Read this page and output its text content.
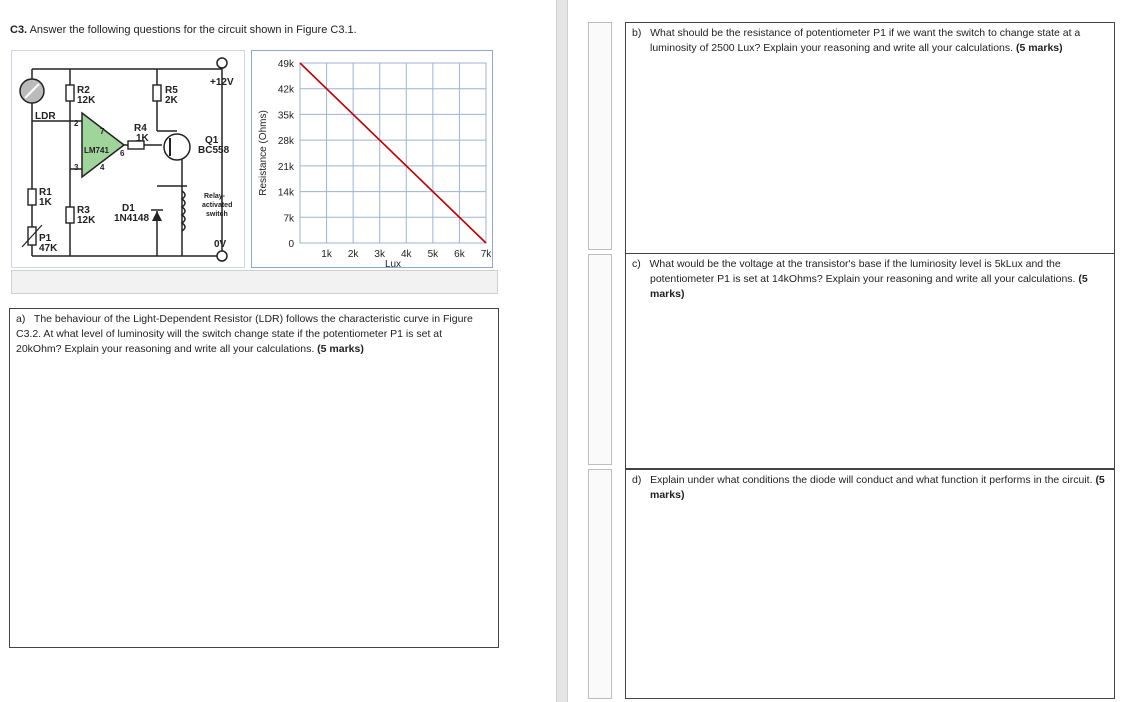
C3. Answer the following questions for the circuit shown in Figure C3.1.
+12V
R2
12K
R5
2K
LDR
R4
1K	Q1
BC558
LM741
2
7
6
3	4
R1
1K
R3
12K
D1
1N4148
Relay-
activated
switch
P1
47K	0V	0
7k
14k
21k
28k
35k
42k
49k
1k 2k 3k 4k 5k 6k 7k
Lux
Resistance (Ohms)
a) The behaviour of the Light-Dependent Resistor (LDR) follows the characteristic curve in Figure C3.2. At what level of luminosity will the switch change state if the potentiometer P1 is set at 20kOhm? Explain your reasoning and write all your calculations. (5 marks)
b) What should be the resistance of potentiometer P1 if we want the switch to change state at a luminosity of 2500 Lux? Explain your reasoning and write all your calculations. (5 marks)
c) What would be the voltage at the transistor's base if the luminosity level is 5kLux and the potentiometer P1 is set at 14kOhms? Explain your reasoning and write all your calculations. (5 marks)
d) Explain under what conditions the diode will conduct and what function it performs in the circuit. (5 marks)
